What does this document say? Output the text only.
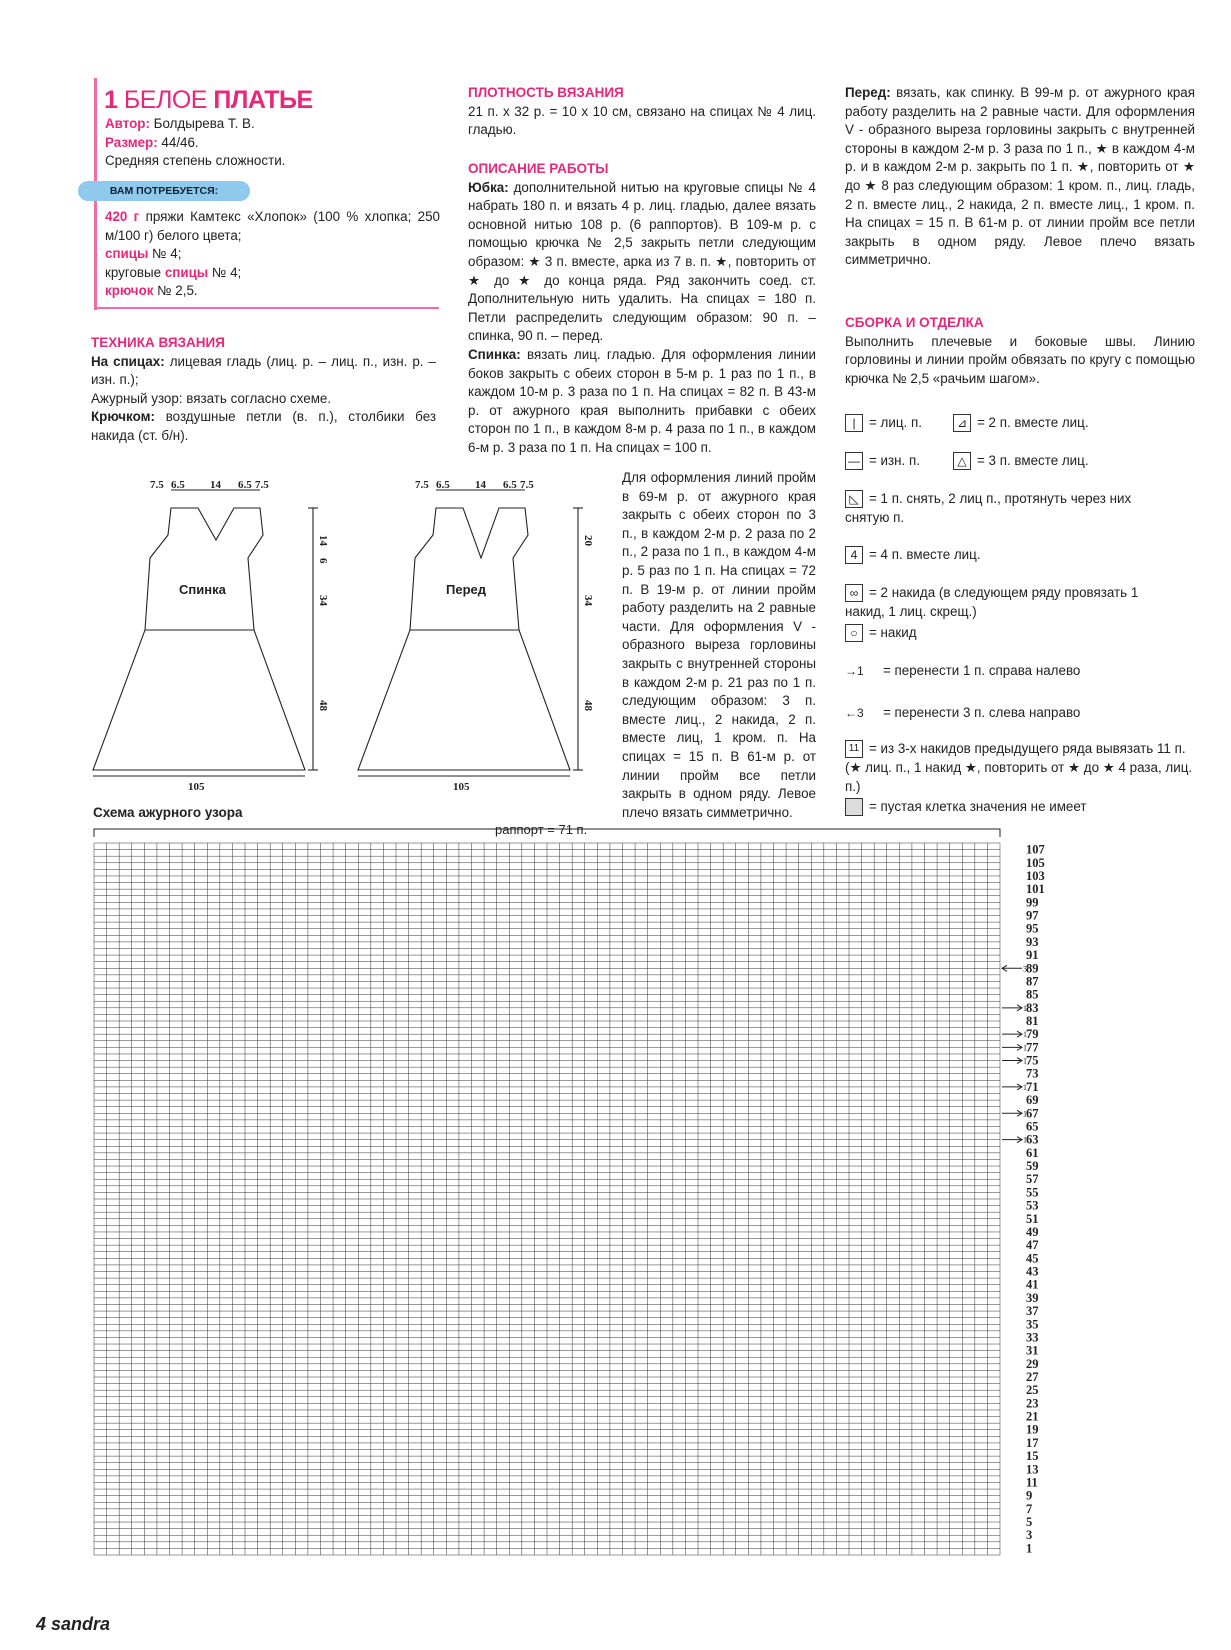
1 БЕЛОЕ ПЛАТЬЕ

Автор: Болдырева Т. В.

Размер: 44/46.

Средняя степень сложности.

ВАМ ПОТРЕБУЕТСЯ:

420 г пряжи Камтекс «Хлопок» (100 % хлопка; 250 м/100 г) белого цвета;

спицы № 4;

круговые спицы № 4;

крючок № 2,5.

ТЕХНИКА ВЯЗАНИЯ

На спицах: лицевая гладь (лиц. р. – лиц. п., изн. р. – изн. п.);

Ажурный узор: вязать согласно схеме.

Крючком: воздушные петли (в. п.), столбики без накида (ст. б/н).

ПЛОТНОСТЬ ВЯЗАНИЯ

21 п. х 32 р. = 10 х 10 см, связано на спицах № 4 лиц. гладью.

ОПИСАНИЕ РАБОТЫ

Юбка: дополнительной нитью на круговые спицы № 4 набрать 180 п. и вязать 4 р. лиц. гладью, далее вязать основной нитью 108 р. (6 раппортов). В 109-м р. с помощью крючка № 2,5 закрыть петли следующим образом: ★ 3 п. вместе, арка из 7 в. п. ★, повторить от ★ до ★ до конца ряда. Ряд закончить соед. ст. Дополнительную нить удалить. На спицах = 180 п. Петли распределить следующим образом: 90 п. – спинка, 90 п. – перед.

Спинка: вязать лиц. гладью. Для оформления линии боков закрыть с обеих сторон в 5-м р. 1 раз по 1 п., в каждом 10-м р. 3 раза по 1 п. На спицах = 82 п. В 43-м р. от ажурного края выполнить прибавки с обеих сторон по 1 п., в каждом 8-м р. 4 раза по 1 п., в каждом 6-м р. 3 раза по 1 п. На спицах = 100 п.

Для оформления линий пройм в 69-м р. от ажурного края закрыть с обеих сторон по 3 п., в каждом 2-м р. 2 раза по 2 п., 2 раза по 1 п., в каждом 4-м р. 5 раз по 1 п. На спицах = 72 п. В 19-м р. от линии пройм работу разделить на 2 равные части. Для оформления V - образного выреза горловины закрыть с внутренней стороны в каждом 2-м р. 21 раз по 1 п. следующим образом: 3 п. вместе лиц., 2 накида, 2 п. вместе лиц, 1 кром. п. На спицах = 15 п. В 61-м р. от линии пройм все петли закрыть в одном ряду. Левое плечо вязать симметрично.

Перед: вязать, как спинку. В 99-м р. от ажурного края работу разделить на 2 равные части. Для оформления V - образного выреза горловины закрыть с внутренней стороны в каждом 2-м р. 3 раза по 1 п., ★ в каждом 4-м р. и в каждом 2-м р. закрыть по 1 п. ★, повторить от ★ до ★ 8 раз следующим образом: 1 кром. п., лиц. гладь, 2 п. вместе лиц., 2 накида, 2 п. вместе лиц., 1 кром. п. На спицах = 15 п. В 61-м р. от линии пройм все петли закрыть в одном ряду. Левое плечо вязать симметрично.

СБОРКА И ОТДЕЛКА

Выполнить плечевые и боковые швы. Линию горловины и линии пройм обвязать по кругу с помощью крючка № 2,5 «рачьим шагом».

| = лиц. п.	⊿ = 2 п. вместе лиц.
— = изн. п.	△ = 3 п. вместе лиц.
◺ = 1 п. снять, 2 лиц п., протянуть через них снятую п.
4 = 4 п. вместе лиц.
∞ = 2 накида (в следующем ряду провязать 1 накид, 1 лиц. скрещ.)
○ = накид
→1 = перенести 1 п. справа налево
←3 = перенести 3 п. слева направо
11 = из 3-х накидов предыдущего ряда вывязать 11 п. (★ лиц. п., 1 накид ★, повторить от ★ до ★ 4 раза, лиц. п.)
= пустая клетка значения не имеет
Спинка	Перед
7.5 6.5 14 6.5 7.5	7.5 6.5 14 6.5 7.5
14
6
34
48
20
34
48
105	105
Схема ажурного узора
раппорт = 71 п.
107
105
103
101
99
97
95
93
91
89
87
85
83
81
79
77
75
73
71
69
67
65
63
61
59
57
55
53
51
49
47
45
43
41
39
37
35
33
31
29
27
25
23
21
19
17
15
13
11
9
7
5
3
1
3
1
1
1
1
1
1
1
4 sandra
